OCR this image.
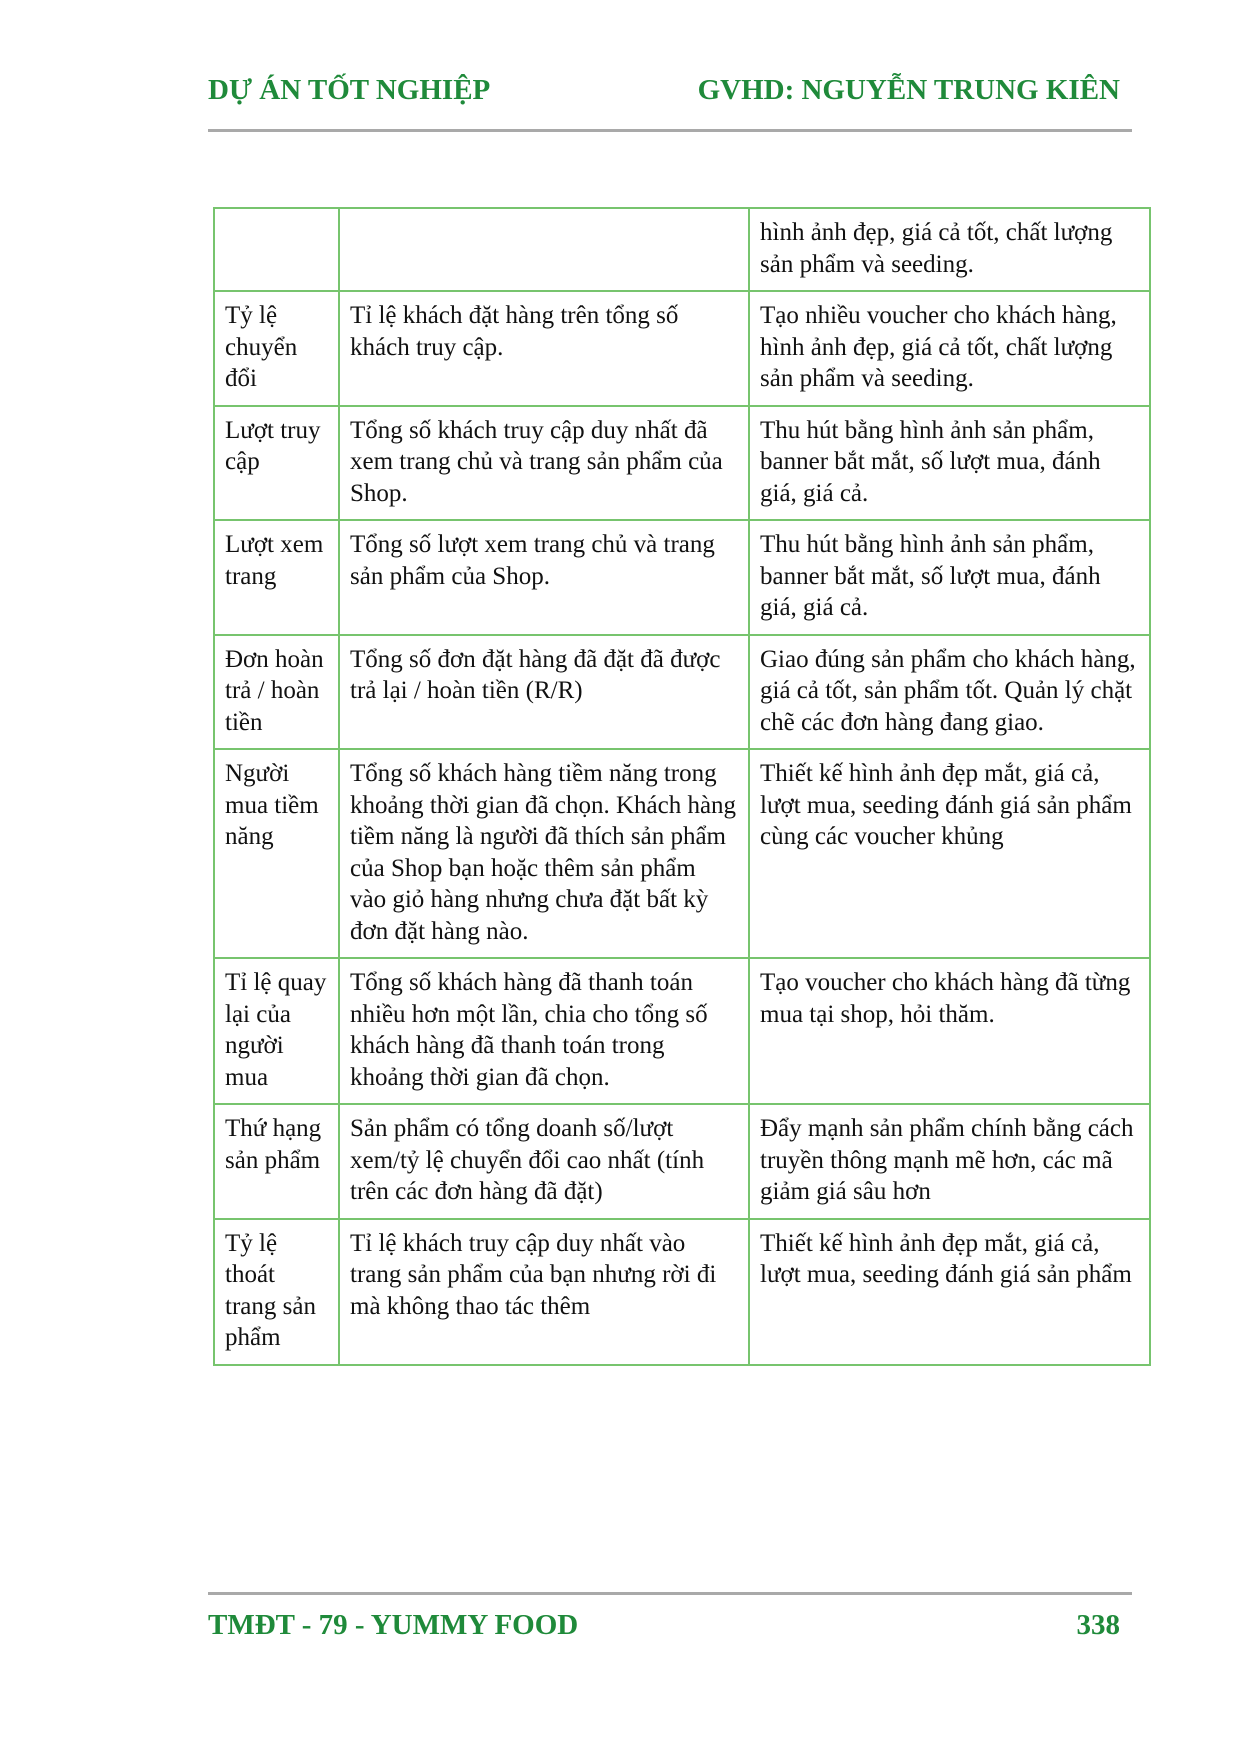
DỰ ÁN TỐT NGHIỆP	GVHD: NGUYỄN TRUNG KIÊN
		hình ảnh đẹp, giá cả tốt, chất lượng sản phẩm và seeding.
Tỷ lệ chuyển đổi	Tỉ lệ khách đặt hàng trên tổng số khách truy cập.	Tạo nhiều voucher cho khách hàng, hình ảnh đẹp, giá cả tốt, chất lượng sản phẩm và seeding.
Lượt truy cập	Tổng số khách truy cập duy nhất đã xem trang chủ và trang sản phẩm của Shop.	Thu hút bằng hình ảnh sản phẩm, banner bắt mắt, số lượt mua, đánh giá, giá cả.
Lượt xem trang	Tổng số lượt xem trang chủ và trang sản phẩm của Shop.	Thu hút bằng hình ảnh sản phẩm, banner bắt mắt, số lượt mua, đánh giá, giá cả.
Đơn hoàn trả / hoàn tiền	Tổng số đơn đặt hàng đã đặt đã được trả lại / hoàn tiền (R/R)	Giao đúng sản phẩm cho khách hàng, giá cả tốt, sản phẩm tốt. Quản lý chặt chẽ các đơn hàng đang giao.
Người mua tiềm năng	Tổng số khách hàng tiềm năng trong khoảng thời gian đã chọn. Khách hàng tiềm năng là người đã thích sản phẩm của Shop bạn hoặc thêm sản phẩm vào giỏ hàng nhưng chưa đặt bất kỳ đơn đặt hàng nào.	Thiết kế hình ảnh đẹp mắt, giá cả, lượt mua, seeding đánh giá sản phẩm cùng các voucher khủng
Tỉ lệ quay lại của người mua	Tổng số khách hàng đã thanh toán nhiều hơn một lần, chia cho tổng số khách hàng đã thanh toán trong khoảng thời gian đã chọn.	Tạo voucher cho khách hàng đã từng mua tại shop, hỏi thăm.
Thứ hạng sản phẩm	Sản phẩm có tổng doanh số/lượt xem/tỷ lệ chuyển đổi cao nhất (tính trên các đơn hàng đã đặt)	Đẩy mạnh sản phẩm chính bằng cách truyền thông mạnh mẽ hơn, các mã giảm giá sâu hơn
Tỷ lệ thoát trang sản phẩm	Tỉ lệ khách truy cập duy nhất vào trang sản phẩm của bạn nhưng rời đi mà không thao tác thêm	Thiết kế hình ảnh đẹp mắt, giá cả, lượt mua, seeding đánh giá sản phẩm
TMĐT - 79 - YUMMY FOOD	338
